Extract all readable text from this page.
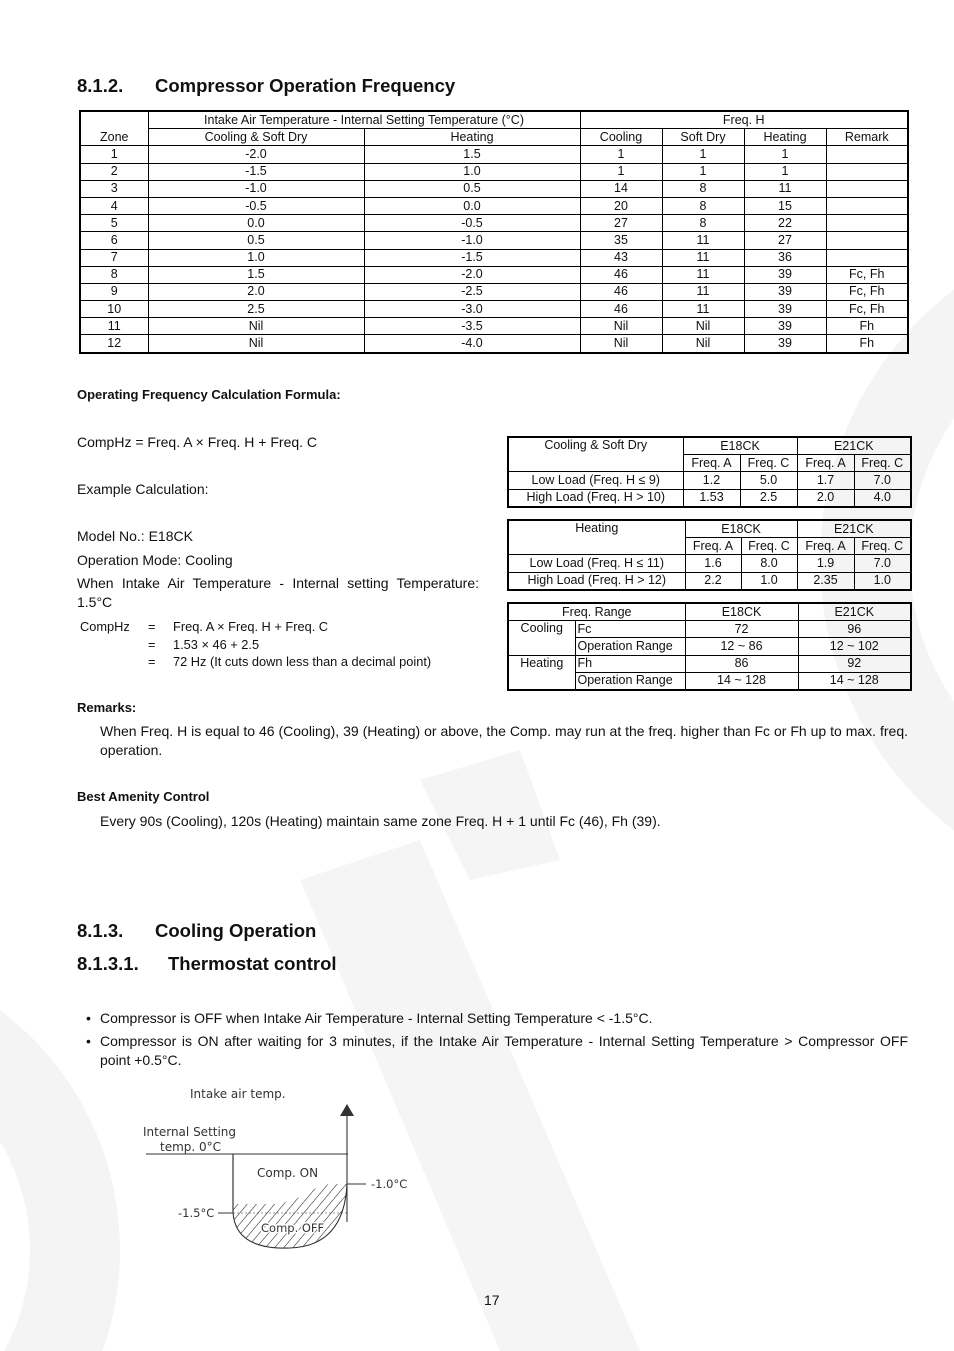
8.1.2. Compressor Operation Frequency
	Intake Air Temperature - Internal Setting Temperature (°C)		Freq. H			
Zone	Cooling & Soft Dry	Heating	Cooling	Soft Dry	Heating	Remark
1	-2.0	1.5	1	1	1	
2	-1.5	1.0	1	1	1	
3	-1.0	0.5	14	8	11	
4	-0.5	0.0	20	8	15	
5	0.0	-0.5	27	8	22	
6	0.5	-1.0	35	11	27	
7	1.0	-1.5	43	11	36	
8	1.5	-2.0	46	11	39	Fc, Fh
9	2.0	-2.5	46	11	39	Fc, Fh
10	2.5	-3.0	46	11	39	Fc, Fh
11	Nil	-3.5	Nil	Nil	39	Fh
12	Nil	-4.0	Nil	Nil	39	Fh
Operating Frequency Calculation Formula:
CompHz = Freq. A × Freq. H + Freq. C
Example Calculation:
Model No.: E18CK
Operation Mode: Cooling
When Intake Air Temperature - Internal setting Temperature: 1.5°C
CompHz	=	Freq. A × Freq. H + Freq. C
	=	1.53 × 46 + 2.5
	=	72 Hz (It cuts down less than a decimal point)
Cooling & Soft Dry	E18CK		E21CK	
	Freq. A	Freq. C	Freq. A	Freq. C
Low Load (Freq. H ≤ 9)	1.2	5.0	1.7	7.0
High Load (Freq. H > 10)	1.53	2.5	2.0	4.0
Heating	E18CK		E21CK	
	Freq. A	Freq. C	Freq. A	Freq. C
Low Load (Freq. H ≤ 11)	1.6	8.0	1.9	7.0
High Load (Freq. H > 12)	2.2	1.0	2.35	1.0
Freq. Range		E18CK	E21CK
Cooling	Fc	72	96
	Operation Range	12 ~ 86	12 ~ 102
Heating	Fh	86	92
	Operation Range	14 ~ 128	14 ~ 128
Remarks:
When Freq. H is equal to 46 (Cooling), 39 (Heating) or above, the Comp. may run at the freq. higher than Fc or Fh up to max. freq. operation.
Best Amenity Control
Every 90s (Cooling), 120s (Heating) maintain same zone Freq. H + 1 until Fc (46), Fh (39).
8.1.3. Cooling Operation
8.1.3.1. Thermostat control
• Compressor is OFF when Intake Air Temperature - Internal Setting Temperature < -1.5°C.
• Compressor is ON after waiting for 3 minutes, if the Intake Air Temperature - Internal Setting Temperature > Compressor OFF point +0.5°C.
Intake air temp.
Internal Setting
temp. 0°C
Comp. ON
Comp. OFF
-1.0°C
-1.5°C
17
